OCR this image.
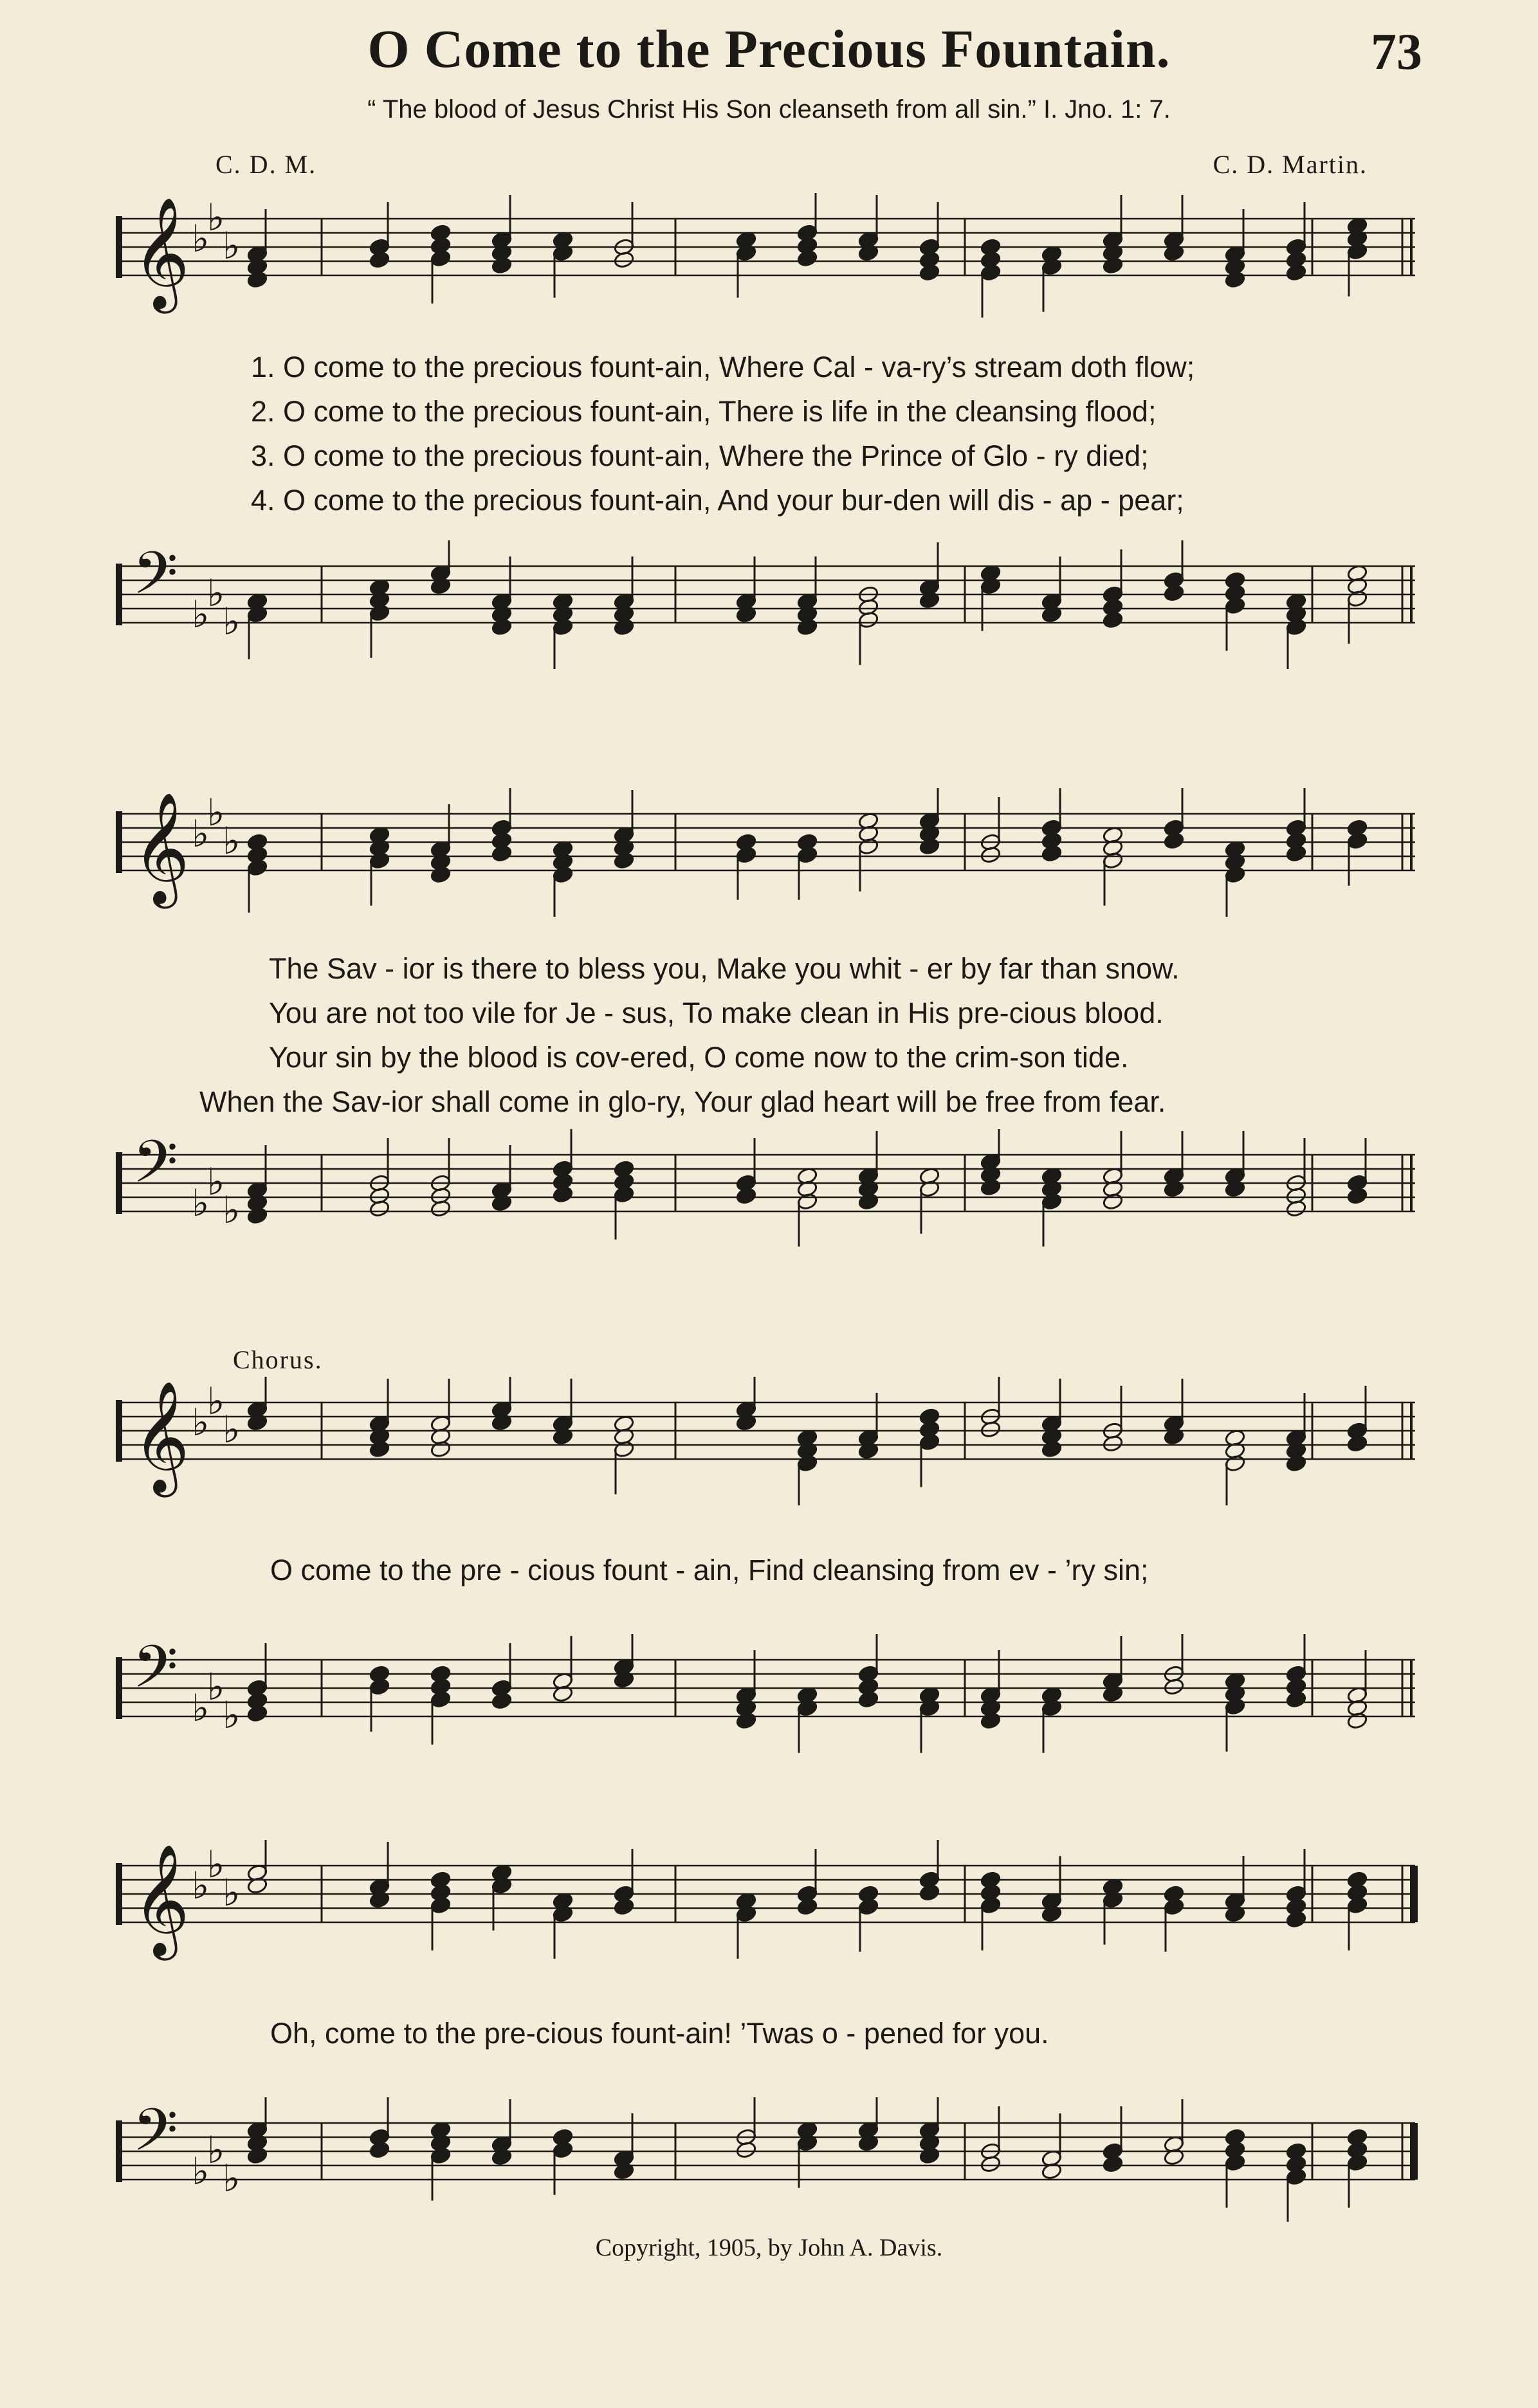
O Come to the Precious Fountain.	73
“ The blood of Jesus Christ His Son cleanseth from all sin.” I. Jno. 1: 7.
C. D. M.	C. D. Martin.
𝄞 ♭
♭
♭
1. O come to the precious fount-ain, Where Cal - va-ry’s stream doth flow;
2. O come to the precious fount-ain, There is life in the cleansing flood;
3. O come to the precious fount-ain, Where the Prince of Glo - ry died;
4. O come to the precious fount-ain, And your bur-den will dis - ap - pear;
𝄢 ♭
♭
♭
𝄞 ♭
♭
♭
The Sav - ior is there to bless you, Make you whit - er by far than snow.
You are not too vile for Je - sus, To make clean in His pre-cious blood.
Your sin by the blood is cov-ered, O come now to the crim-son tide.
When the Sav-ior shall come in glo-ry, Your glad heart will be free from fear.
𝄢 ♭
♭
♭
Chorus.
𝄞 ♭
♭
♭
O come to the pre - cious fount - ain, Find cleansing from ev - ’ry sin;
𝄢 ♭
♭
♭
𝄞 ♭
♭
♭
Oh, come to the pre-cious fount-ain! ’Twas o - pened for you.
𝄢 ♭
♭
♭
Copyright, 1905, by John A. Davis.
